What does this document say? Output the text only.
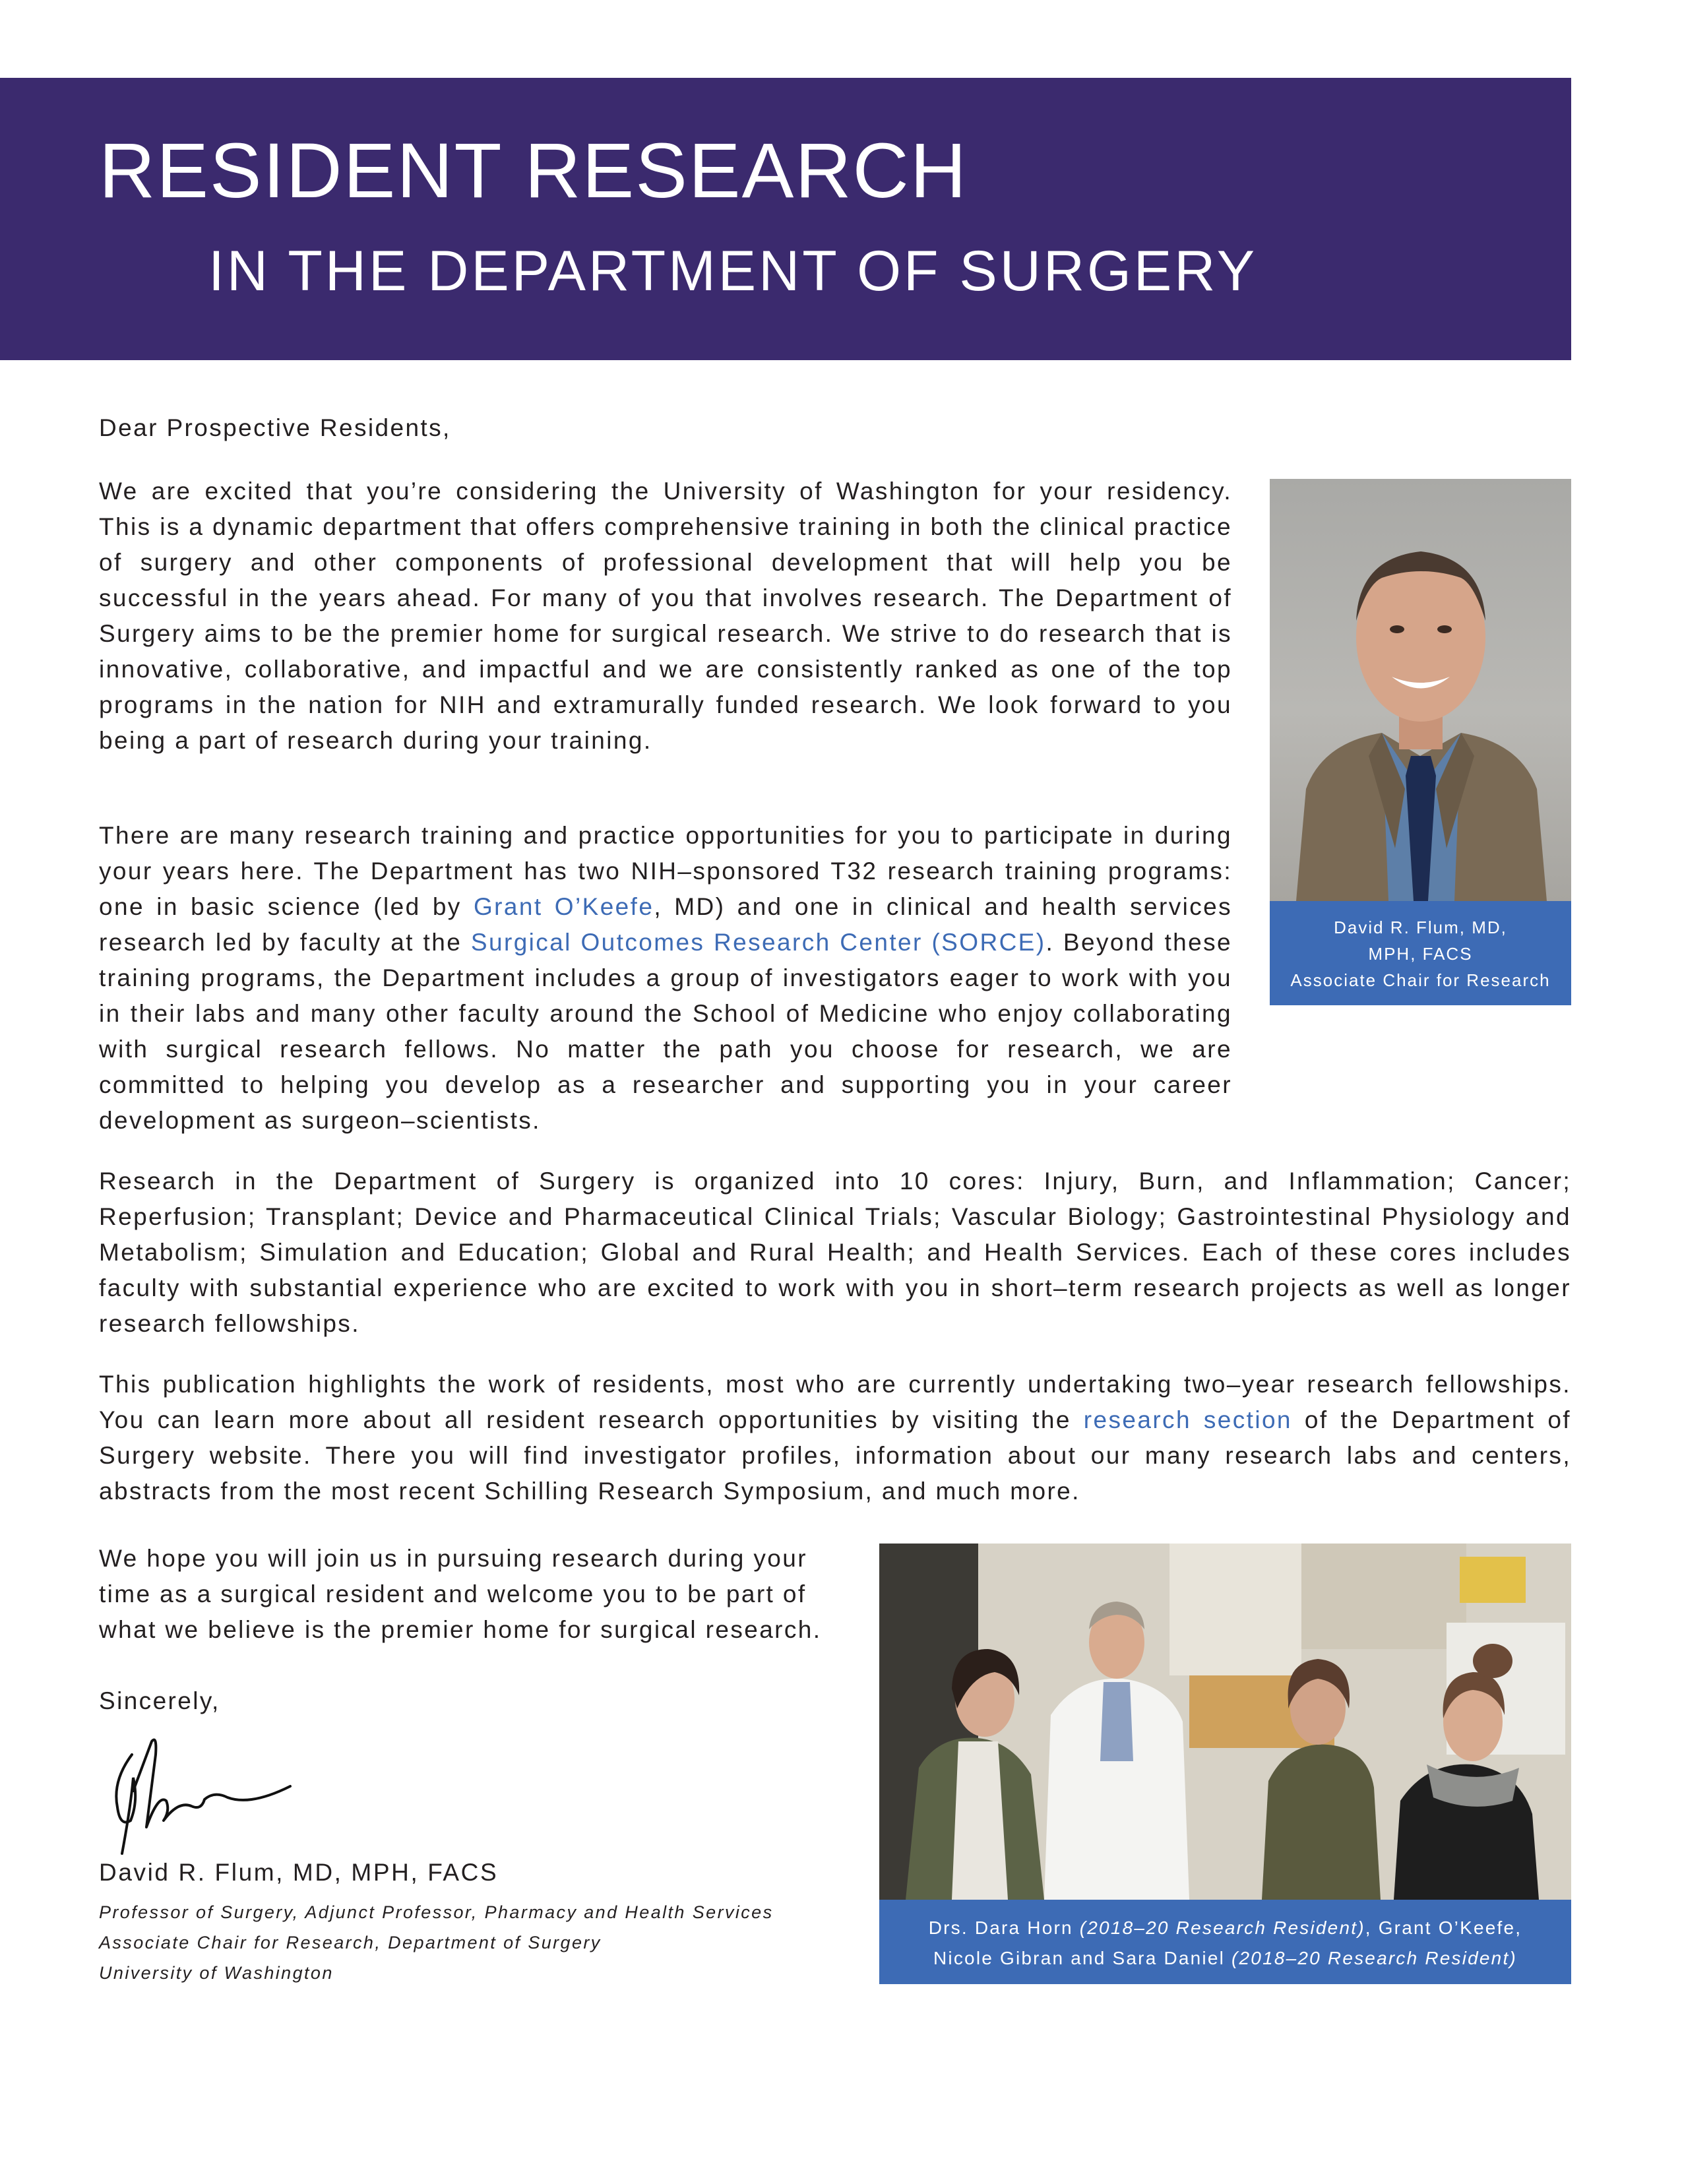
RESIDENT RESEARCH
IN THE DEPARTMENT OF SURGERY

Dear Prospective Residents,

We are excited that you’re considering the University of Washington for your residency. This is a dynamic department that offers comprehensive training in both the clinical practice of surgery and other components of professional development that will help you be successful in the years ahead. For many of you that involves research. The Department of Surgery aims to be the premier home for surgical research. We strive to do research that is innovative, collaborative, and impactful and we are consistently ranked as one of the top programs in the nation for NIH and extramurally funded research. We look forward to you being a part of research during your training.

There are many research training and practice opportunities for you to participate in during your years here. The Department has two NIH–sponsored T32 research training programs: one in basic science (led by Grant O’Keefe, MD) and one in clinical and health services research led by faculty at the Surgical Outcomes Research Center (SORCE). Beyond these training programs, the Department includes a group of investigators eager to work with you in their labs and many other faculty around the School of Medicine who enjoy collaborating with surgical research fellows. No matter the path you choose for research, we are committed to helping you develop as a researcher and supporting you in your career development as surgeon–scientists.

Research in the Department of Surgery is organized into 10 cores: Injury, Burn, and Inflammation; Cancer; Reperfusion; Transplant; Device and Pharmaceutical Clinical Trials; Vascular Biology; Gastrointestinal Physiology and Metabolism; Simulation and Education; Global and Rural Health; and Health Services. Each of these cores includes faculty with substantial experience who are excited to work with you in short–term research projects as well as longer research fellowships.

This publication highlights the work of residents, most who are currently undertaking two–year research fellowships. You can learn more about all resident research opportunities by visiting the research section of the Department of Surgery website. There you will find investigator profiles, information about our many research labs and centers, abstracts from the most recent Schilling Research Symposium, and much more.

We hope you will join us in pursuing research during your time as a surgical resident and welcome you to be part of what we believe is the premier home for surgical research.

Sincerely,

David R. Flum, MD,
MPH, FACS
Associate Chair for Research
Drs. Dara Horn (2018–20 Research Resident), Grant O’Keefe,
Nicole Gibran and Sara Daniel (2018–20 Research Resident)

David R. Flum, MD, MPH, FACS

Professor of Surgery, Adjunct Professor, Pharmacy and Health Services

Associate Chair for Research, Department of Surgery

University of Washington
